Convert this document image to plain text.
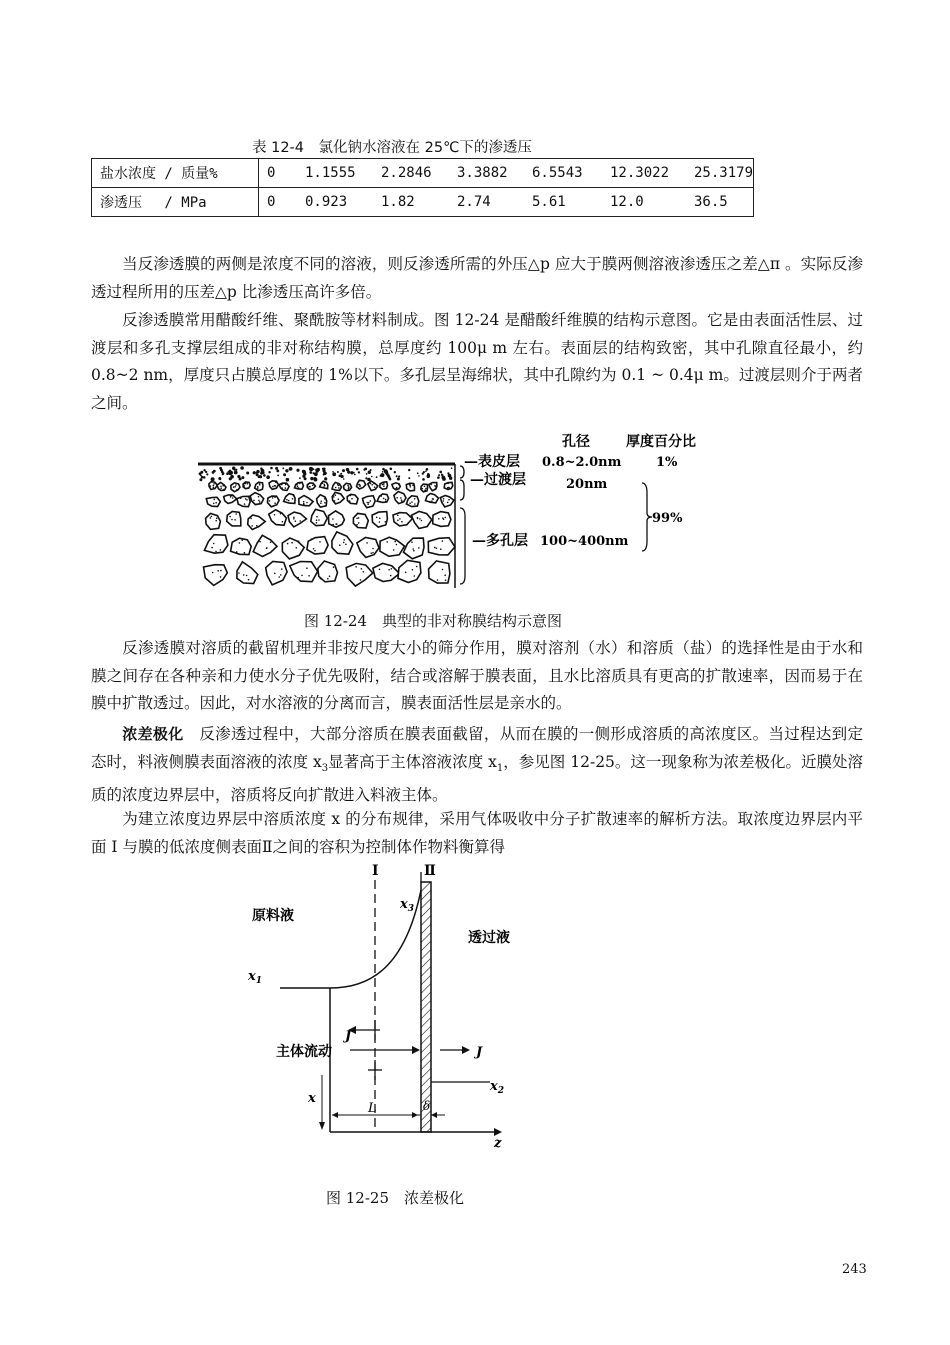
表 12-4　氯化钠水溶液在 25℃下的渗透压
盐水浓度 / 质量%	0	1.1555	2.2846	3.3882	6.5543	12.3022	25.3179
渗透压　 / MPa	0	0.923	1.82	2.74	5.61	12.0	36.5
当反渗透膜的两侧是浓度不同的溶液，则反渗透所需的外压△p 应大于膜两侧溶液渗透压之差△π 。实际反渗透过程所用的压差△p 比渗透压高许多倍。
反渗透膜常用醋酸纤维、聚酰胺等材料制成。图 12-24 是醋酸纤维膜的结构示意图。它是由表面活性层、过渡层和多孔支撑层组成的非对称结构膜，总厚度约 100μ m 左右。表面层的结构致密，其中孔隙直径最小，约 0.8~2 nm，厚度只占膜总厚度的 1%以下。多孔层呈海绵状，其中孔隙约为 0.1 ~ 0.4μ m。过渡层则介于两者之间。
孔径	厚度百分比
—表皮层 0.8~2.0nm	1%
—过渡层	20nm
—多孔层 100~400nm
99%
图 12-24　典型的非对称膜结构示意图
反渗透膜对溶质的截留机理并非按尺度大小的筛分作用，膜对溶剂（水）和溶质（盐）的选择性是由于水和膜之间存在各种亲和力使水分子优先吸附，结合或溶解于膜表面，且水比溶质具有更高的扩散速率，因而易于在膜中扩散透过。因此，对水溶液的分离而言，膜表面活性层是亲水的。
浓差极化　反渗透过程中，大部分溶质在膜表面截留，从而在膜的一侧形成溶质的高浓度区。当过程达到定态时，料液侧膜表面溶液的浓度 $x_3$显著高于主体溶液浓度 $x_1$，参见图 12-25。这一现象称为浓差极化。近膜处溶质的浓度边界层中，溶质将反向扩散进入料液主体。
为建立浓度边界层中溶质浓度 x 的分布规律，采用气体吸收中分子扩散速率的解析方法。取浓度边界层内平面 I 与膜的低浓度侧表面Ⅱ之间的容积为控制体作物料衡算得
Ⅰ	Ⅱ
原料液
透过液
$x_1$
$x_2$
$x_3$
主体流动
J
J
x
L	δ
z
图 12-25　浓差极化
243
